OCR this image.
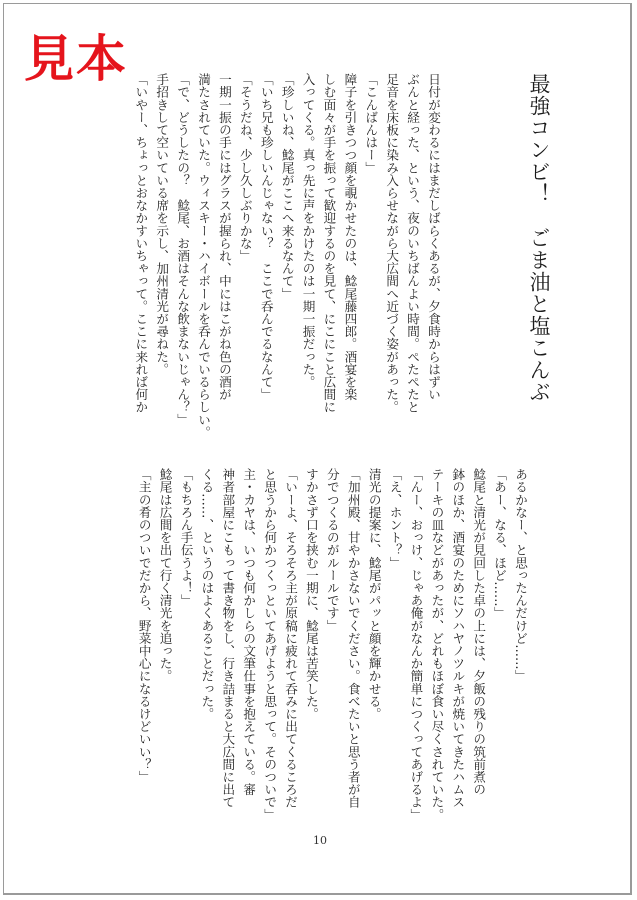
見本
最強コンビ！　ごま油と塩こんぶ

日付が変わるにはまだしばらくあるが、夕食時からはずい

ぶんと経った、という、夜のいちばんよい時間。ぺたぺたと

足音を床板に染み入らせながら大広間へ近づく姿があった。

「こんばんはー」

障子を引きつつ顔を覗かせたのは、鯰尾藤四郎。酒宴を楽

しむ面々が手を振って歓迎するのを見て、にこにこと広間に

入ってくる。真っ先に声をかけたのは一期一振だった。

「珍しいね、鯰尾がここへ来るなんて」

「いち兄も珍しいんじゃない？　ここで呑んでるなんて」

「そうだね、少し久しぶりかな」

一期一振の手にはグラスが握られ、中にはこがね色の酒が

満たされていた。ウィスキー・ハイボールを呑んでいるらしい。

「で、どうしたの？　鯰尾、お酒はそんな飲まないじゃん？」

手招きして空いている席を示し、加州清光が尋ねた。

「いやー、ちょっとおなかすいちゃって。ここに来れば何か

あるかなー、と思ったんだけど……」

「あー、なる、ほど……」

鯰尾と清光が見回した卓の上には、夕飯の残りの筑前煮の

鉢のほか、酒宴のためにソハヤノツルキが焼いてきたハムス

テーキの皿などがあったが、どれもほぼ食い尽くされていた。

「んー、おっけ、じゃあ俺がなんか簡単につくってあげるよ」

「え、ホント？」

清光の提案に、鯰尾がパッと顔を輝かせる。

「加州殿、甘やかさないでください。食べたいと思う者が自

分でつくるのがルールです」

すかさず口を挟む一期に、鯰尾は苦笑した。

「いーよ、そろそろ主が原稿に疲れて呑みに出てくるころだ

と思うから何かつくっといてあげようと思って。そのついで」

主・カヤは、いつも何かしらの文筆仕事を抱えている。審

神者部屋にこもって書き物をし、行き詰まると大広間に出て

くる……、というのはよくあることだった。

「もちろん手伝うよ！」

鯰尾は広間を出て行く清光を追った。

「主の肴のついでだから、野菜中心になるけどいい？」

10
